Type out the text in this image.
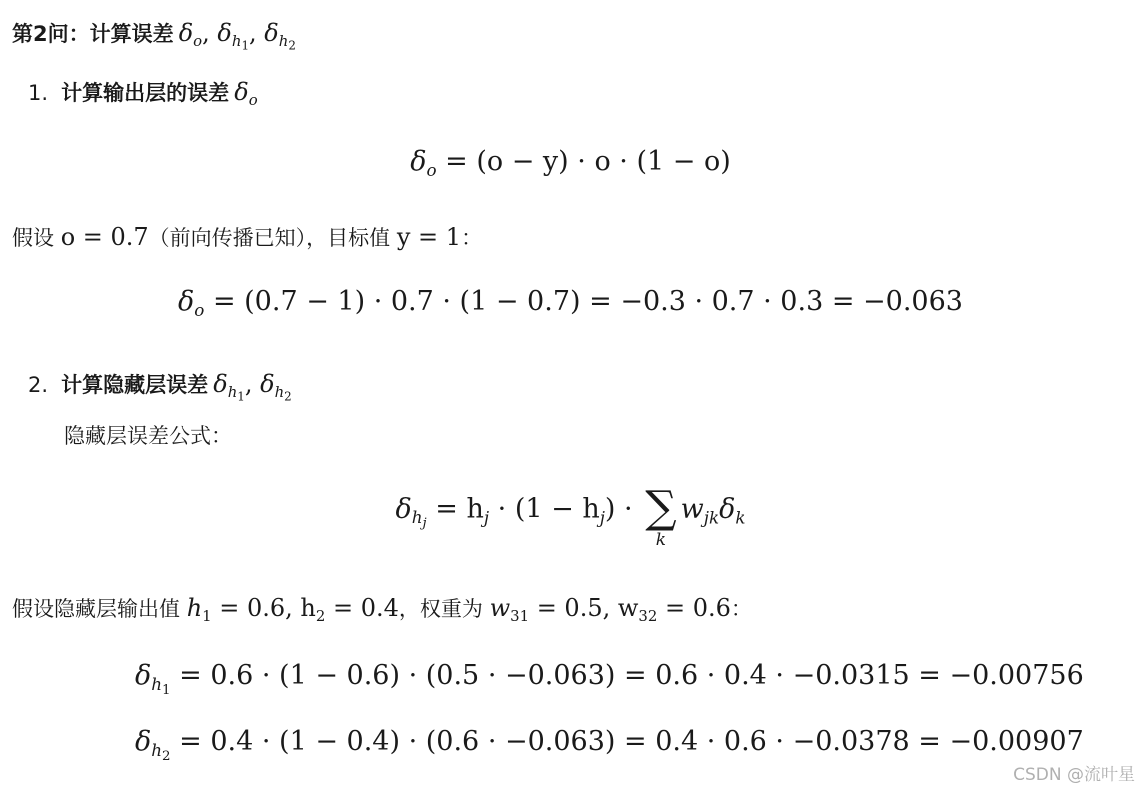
第2问：计算误差 $\delta_o$, $\delta_{h_1}$, $\delta_{h_2}$
1. 计算输出层的误差 $\delta_o$
$\delta_o = (o - y) \cdot o \cdot (1 - o)$
假设 o = 0.7（前向传播已知），目标值 y = 1：
$\delta_o = (0.7 - 1) \cdot 0.7 \cdot (1 - 0.7) = -0.3 \cdot 0.7 \cdot 0.3 = -0.063$
2. 计算隐藏层误差 $\delta_{h_1}$, $\delta_{h_2}$
隐藏层误差公式：
$\delta_{h_j} = h_j \cdot (1 - h_j)$ · ∑
k
$w_{jk}\delta_k$
假设隐藏层输出值 $h_1 = 0.6$, $h_2 = 0.4$，权重为 $w_{31} = 0.5$, $w_{32} = 0.6$：
$\delta_{h_1} = 0.6 \cdot (1 - 0.6) \cdot (0.5 \cdot -0.063) = 0.6 \cdot 0.4 \cdot -0.0315 = -0.00756$
$\delta_{h_2} = 0.4 \cdot (1 - 0.4) \cdot (0.6 \cdot -0.063) = 0.4 \cdot 0.6 \cdot -0.0378 = -0.00907$
CSDN @流叶星
